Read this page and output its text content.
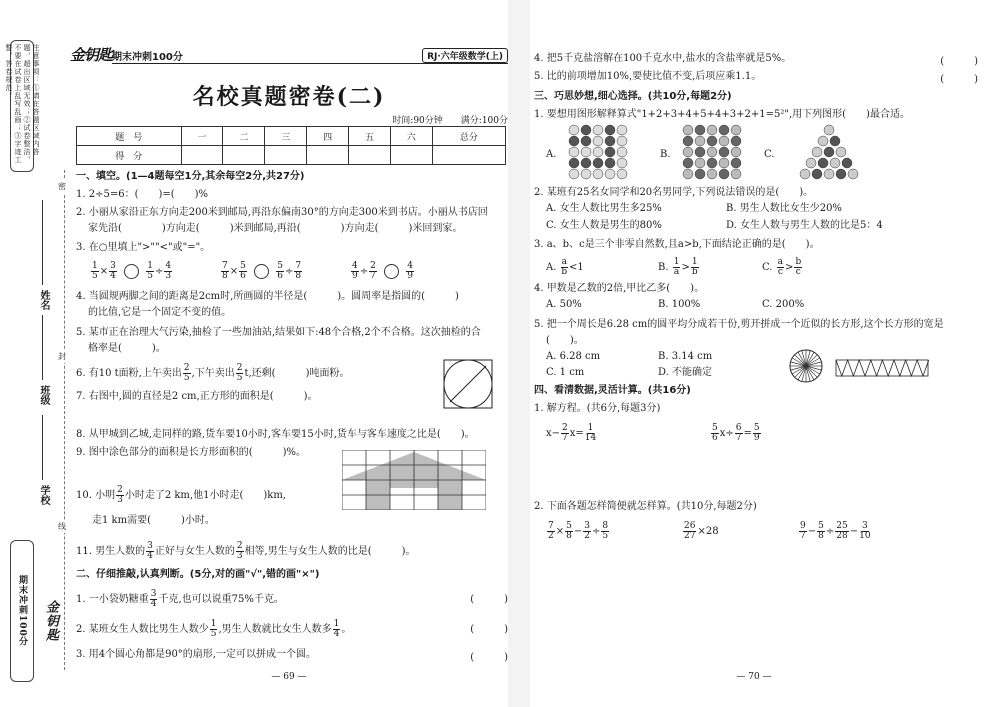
注意事项：①请在答题区域内答题，超出区域无效；②试卷整洁，不要在试卷上乱写乱画；③字迹工整，答卷规范。
姓名
班级
学校
密
封
线
期末冲刺100分 金钥匙
金钥匙 期末冲刺100分	RJ·六年级数学(上)
名校真题密卷(二)
时间:90分钟　　满分:100分
题　号	一	二	三	四	五	六	总分
得　分							
一、填空。(1—4题每空1分,其余每空2分,共27分)
1. 2÷5=6：(　　)=(　　)%
2. 小丽从家沿正东方向走200米到邮局,再沿东偏南30°的方向走300米到书店。小丽从书店回
家先沿(　　　　)方向走(　　　)米到邮局,再沿(　　　　)方向走(　　　)米回到家。
3. 在○里填上">""<"或"="。
$\frac{1}{5} \times \frac{3}{4}$
	$\frac{1}{5} \div \frac{4}{3}$	$\frac{7}{8} \times \frac{5}{6}$
	$\frac{5}{6} \div \frac{7}{8}$	$\frac{4}{9} \div \frac{2}{7}$
	$\frac{4}{9}$
4. 当圆规两脚之间的距离是2cm时,所画圆的半径是(　　　)。圆周率是指圆的(　　　)
的比值,它是一个固定不变的值。
5. 某市正在治理大气污染,抽检了一些加油站,结果如下:48个合格,2个不合格。这次抽检的合
格率是(　　　)。
6. 有10 t面粉,上午卖出 $\frac{2}{5}$ ,下午卖出 $\frac{2}{5} t$,还剩(　　　)吨面粉。
7. 右图中,圆的直径是2 cm,正方形的面积是(　　　)。
8. 从甲城到乙城,走同样的路,货车要10小时,客车要15小时,货车与客车速度之比是(　　)。
9. 图中涂色部分的面积是长方形面积的(　　　)%。
10. 小明 $\frac{2}{3}$ 小时走了2 km,他1小时走(　　)km,
走1 km需要(　　　)小时。
11. 男生人数的 $\frac{3}{4}$ 正好与女生人数的 $\frac{2}{3}$ 相等,男生与女生人数的比是(　　　)。
二、仔细推敲,认真判断。(5分,对的画"√",错的画"×")
1. 一小袋奶糖重 $\frac{3}{4}$ 千克,也可以说重75%千克。	(　　　)
2. 某班女生人数比男生人数少 $\frac{1}{5}$ ,男生人数就比女生人数多 $\frac{1}{4}$ 。	(　　　)
3. 用4个圆心角都是90°的扇形,一定可以拼成一个圆。	(　　　)
— 69 —
4. 把5千克盐溶解在100千克水中,盐水的含盐率就是5%。	(　　　)
5. 比的前项增加10%,要使比值不变,后项应乘1.1。	(　　　)
三、巧思妙想,细心选择。(共10分,每题2分)
1. 要想用图形解释算式"1+2+3+4+5+4+3+2+1=5²",用下列图形(　　)最合适。
A.	B.	C.
2. 某班有25名女同学和20名男同学,下列说法错误的是(　　)。
A. 女生人数比男生多25%	B. 男生人数比女生少20%
C. 女生人数是男生的80%	D. 女生人数与男生人数的比是5：4
3. a、b、c是三个非零自然数,且a>b,下面结论正确的是(　　)。
A. $\frac{a}{b} <1$	B. $\frac{1}{a} > \frac{1}{b}$	C. $\frac{a}{c} > \frac{b}{c}$
4. 甲数是乙数的2倍,甲比乙多(　　)。
A. 50%	B. 100%	C. 200%
5. 把一个周长是6.28 cm的圆平均分成若干份,剪开拼成一个近似的长方形,这个长方形的宽是
(　　)。
A. 6.28 cm	B. 3.14 cm
C. 1 cm	D. 不能确定
四、看清数据,灵活计算。(共16分)
1. 解方程。(共6分,每题3分)
$x- \frac{2}{7} x= \frac{1}{14}$	$\frac{5}{6} x\div \frac{6}{7} = \frac{5}{9}$
2. 下面各题怎样简便就怎样算。(共10分,每题2分)
$\frac{7}{2} \times \frac{5}{8} - \frac{3}{2} \div \frac{8}{5}$	$\frac{26}{27} \times 28$	$\frac{9}{7} - \frac{5}{8} \div \frac{25}{28} - \frac{3}{10}$
— 70 —
